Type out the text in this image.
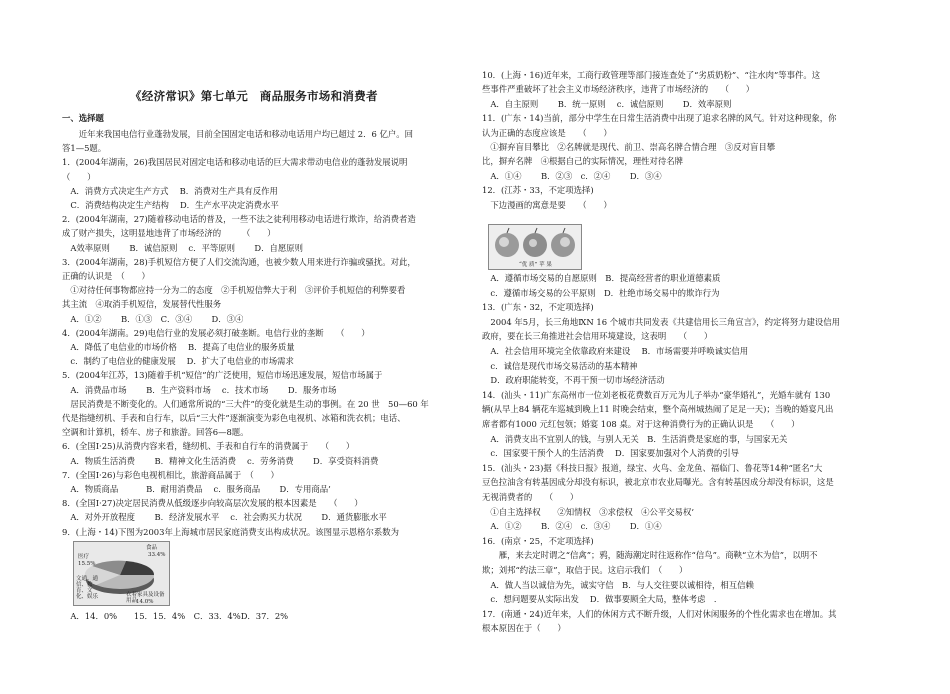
《经济常识》第七单元　商品服务市场和消费者
一、选择题
　　近年来我国电信行业蓬勃发展，目前全国固定电话和移动电话用户均已超过 2．6 亿户。回
答1—5题。
1．(2004年湖南，26)我国居民对固定电话和移动电话的巨大需求带动电信业的蓬勃发展说明
（　　）
　A．消费方式决定生产方式　 B．消费对生产具有反作用
　C．消费结构决定生产结构　 D．生产水平决定消费水平
2．(2004年湖南，27)随着移动电话的普及，一些不法之徒利用移动电话进行欺诈，给消费者造
成了财产损失，这明显地违背了市场经济的　　　（　　）
　A效率原则　　 B．诚信原则　 c．平等原则　　 D．自愿原则
3．(2004年湖南，28)手机短信方便了人们交流沟通，也被少数人用来进行诈骗或骚扰。对此，
正确的认识是　（　　）
　①对待任何事物都应持一分为二的态度　②手机短信弊大于利　③评价手机短信的利弊要看
其主流　④取消手机短信，发展替代性服务
　A．①②　　 B．①③　C．③④　　 D．③④
4．(2004年湖南。29)电信行业的发展必须打破垄断。电信行业的垄断　　（　　）
　A．降低了电信业的市场价格　 B．提高了电信业的服务质量
　c．制约了电信业的健康发展　 D．扩大了电信业的市场需求
5．(2004年江苏，13)随着手机“短信”的广泛使用，短信市场迅速发展，短信市场属于
　A．消费品市场　　 B．生产资料市场　 c．技术市场　　 D．服务市场
　居民消费是不断变化的。人们通常所说的“三大件”的变化就是生动的事例。在 20 世　50—60 年
代是指缝纫机、手表和自行车，以后“三大件”逐渐演变为彩色电视机、冰箱和洗衣机；电话、
空调和计算机，轿车、房子和旅游。回答6—8题。
6．(全国Ⅰ·25)从消费内容来看，缝纫机、手表和自行车的消费属于　　（　　）
　A．物质生活消费　　 B．精神文化生活消费　 c．劳务消费　　 D．享受资料消费
7．(全国Ⅰ·26)与彩色电视机相比，旅游商品属于　（　　）
　A．物质商品　　　 B．耐用消费品　 c．服务商品　　 D．专用商品’
8．(全国Ⅰ·27)决定居民消费从低级逐步向较高层次发展的根本因素是　　（　　）
　A．对外开放程度　　 B．经济发展水平　 c．社会购买力状况　　 D．通货膨胀水平
9．(上海・14)下图为2003年上海城市居民家庭消费支出构成状况。该图显示恩格尔系数为
　A．14．0%　　15．15．4%　C．33．4%D．37．2%
文通、通信、教育、文化、娱乐
食品
衣着家具及设备用品
14.0%
医疗	33.4%
15.5%
10．(上海・16)近年来，工商行政管理等部门接连查处了“劣质奶粉”、“注水肉”等事件。这
些事件严重破坏了社会主义市场经济秩序，违背了市场经济的　　（　　）
　A．自主原则　　 B．统一原则　 c．诚信原则　　 D．效率原则
11．(广东・14)当前，部分中学生在日常生活消费中出现了追求名牌的风气。针对这种现象，你
认为正确的态度应该是　　（　　）
　①摒弃盲目攀比　②名牌就是现代、前卫、崇高名牌合情合理　③反对盲目攀
比，摒弃名牌　④根据自己的实际情况，理性对待名牌
　A．①④　　 B．②③　c．②④　　 D．③④
12．(江苏・33，不定项选择)
　下边漫画的寓意是要　　（　　）
　A．遵循市场交易的自愿原则　B．提高经营者的职业道德素质
　c．遵循市场交易的公平原则　D．杜绝市场交易中的欺诈行为
13．(广东・32，不定项选择)
　2004 年5月，长三角地ⅨN 16 个城市共同发表《共建信用长三角宣言》，约定将努力建设信用
政府，要在长三角推进社会信用环境建设，这表明　　（　　）
　A．社会信用环境完全依靠政府来建设　 B．市场需要并呼唤诚实信用
　c．诚信是现代市场交易活动的基本精神
　D．政府职能转变，不再干预一切市场经济活动
14．(汕头・11)广东高州市一位刘老板花费数百万元为儿子举办“豪华婚礼”，光婚车就有 130
辆(从早上84 辆花车巡城到晚上11 时晚会结束，整个高州城热闹了足足一天)；当晚的婚宴凡出
席者都有1000 元红包领；婚宴 108 桌。对于这种消费行为的正确认识是　　（　　）
　A．消费支出不宜别人的钱，与别人无关　B．生活消费是家庭的事，与国家无关
　c．国家要干预个人的生活消费　 D．国家要加强对个人消费的引导
15．(汕头・23)据《科技日报》报道，绿宝、火鸟、金龙鱼、福临门、鲁花等14种“匿名”大
豆色拉油含有转基因成分却没有标识，被北京市农业局曝光。含有转基因成分却没有标识，这是
无视消费者的　　（　　）
　①自主选择权　　②知情权　③求偿权　④公平交易权’
　A．①②　　 B．②④　c．③④　　 D．①④
16．(南京・25，不定项选择)
　　雁，来去定时谓之“信禽”；鸦，随海潮定时往返称作“信鸟”。商鞅“立木为信”，以明不
欺；刘邦“约法三章”，取信于民。这启示我们　（　　）
　A．做人当以诚信为先，诚实守信　B．与人交往要以诚相待，相互信赖
　c．想问题要从实际出发　 D．做事要顾全大局，整体考虑　．
17．(南通・24)近年来，人们的休闲方式不断升级，人们对休闲服务的个性化需求也在增加。其
根本原因在于（　　）
“优 质” 苹 果
